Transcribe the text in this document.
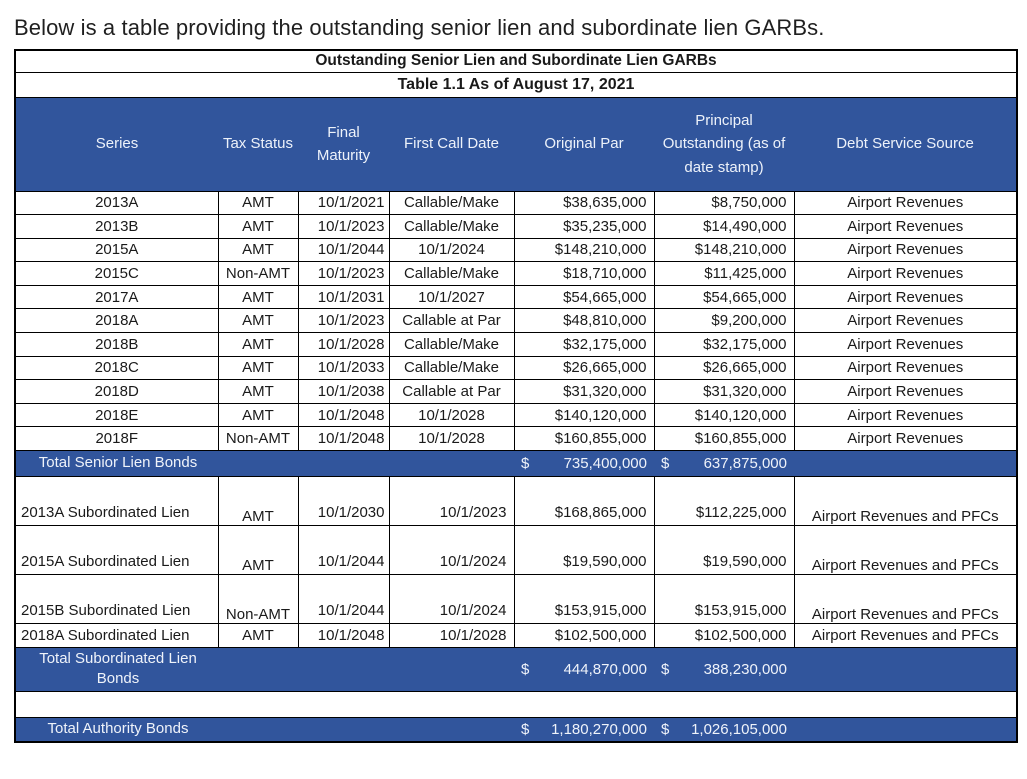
Below is a table providing the outstanding senior lien and subordinate lien GARBs.
Outstanding Senior Lien and Subordinate Lien GARBs						
Table 1.1 As of August 17, 2021						
Series	Tax Status	Final Maturity	First Call Date	Original Par	Principal Outstanding (as of date stamp)	Debt Service Source
2013A	AMT	10/1/2021	Callable/Make	$38,635,000	$8,750,000	Airport Revenues
2013B	AMT	10/1/2023	Callable/Make	$35,235,000	$14,490,000	Airport Revenues
2015A	AMT	10/1/2044	10/1/2024	$148,210,000	$148,210,000	Airport Revenues
2015C	Non-AMT	10/1/2023	Callable/Make	$18,710,000	$11,425,000	Airport Revenues
2017A	AMT	10/1/2031	10/1/2027	$54,665,000	$54,665,000	Airport Revenues
2018A	AMT	10/1/2023	Callable at Par	$48,810,000	$9,200,000	Airport Revenues
2018B	AMT	10/1/2028	Callable/Make	$32,175,000	$32,175,000	Airport Revenues
2018C	AMT	10/1/2033	Callable/Make	$26,665,000	$26,665,000	Airport Revenues
2018D	AMT	10/1/2038	Callable at Par	$31,320,000	$31,320,000	Airport Revenues
2018E	AMT	10/1/2048	10/1/2028	$140,120,000	$140,120,000	Airport Revenues
2018F	Non-AMT	10/1/2048	10/1/2028	$160,855,000	$160,855,000	Airport Revenues

Total Senior Lien Bonds				$ 735,400,000	$ 637,875,000	

2013A Subordinated Lien	AMT	10/1/2030	10/1/2023	$168,865,000	$112,225,000	Airport Revenues and PFCs
2015A Subordinated Lien	AMT	10/1/2044	10/1/2024	$19,590,000	$19,590,000	Airport Revenues and PFCs
2015B Subordinated Lien	Non-AMT	10/1/2044	10/1/2024	$153,915,000	$153,915,000	Airport Revenues and PFCs
2018A Subordinated Lien	AMT	10/1/2048	10/1/2028	$102,500,000	$102,500,000	Airport Revenues and PFCs

Total Subordinated Lien Bonds				$ 444,870,000	$ 388,230,000	

Total Authority Bonds				$ 1,180,270,000	$ 1,026,105,000	
